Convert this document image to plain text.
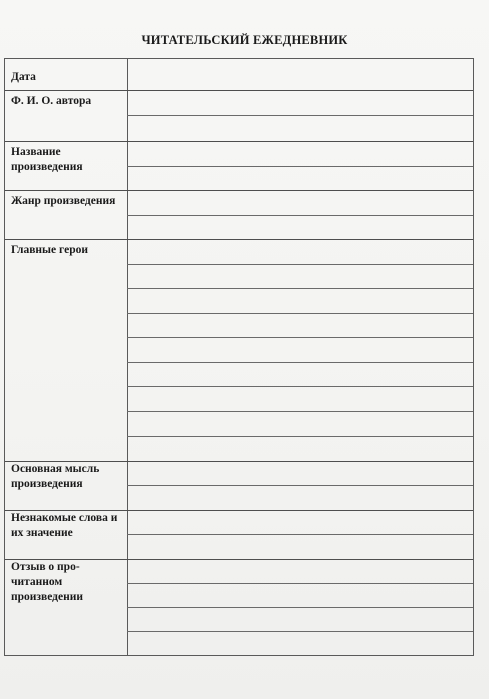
ЧИТАТЕЛЬСКИЙ ЕЖЕДНЕВНИК
Дата
Ф. И. О. автора
Название произведения
Жанр произведения
Главные герои
Основная мысль произведения
Незнакомые слова и их значение
Отзыв о про-читанном произведении
